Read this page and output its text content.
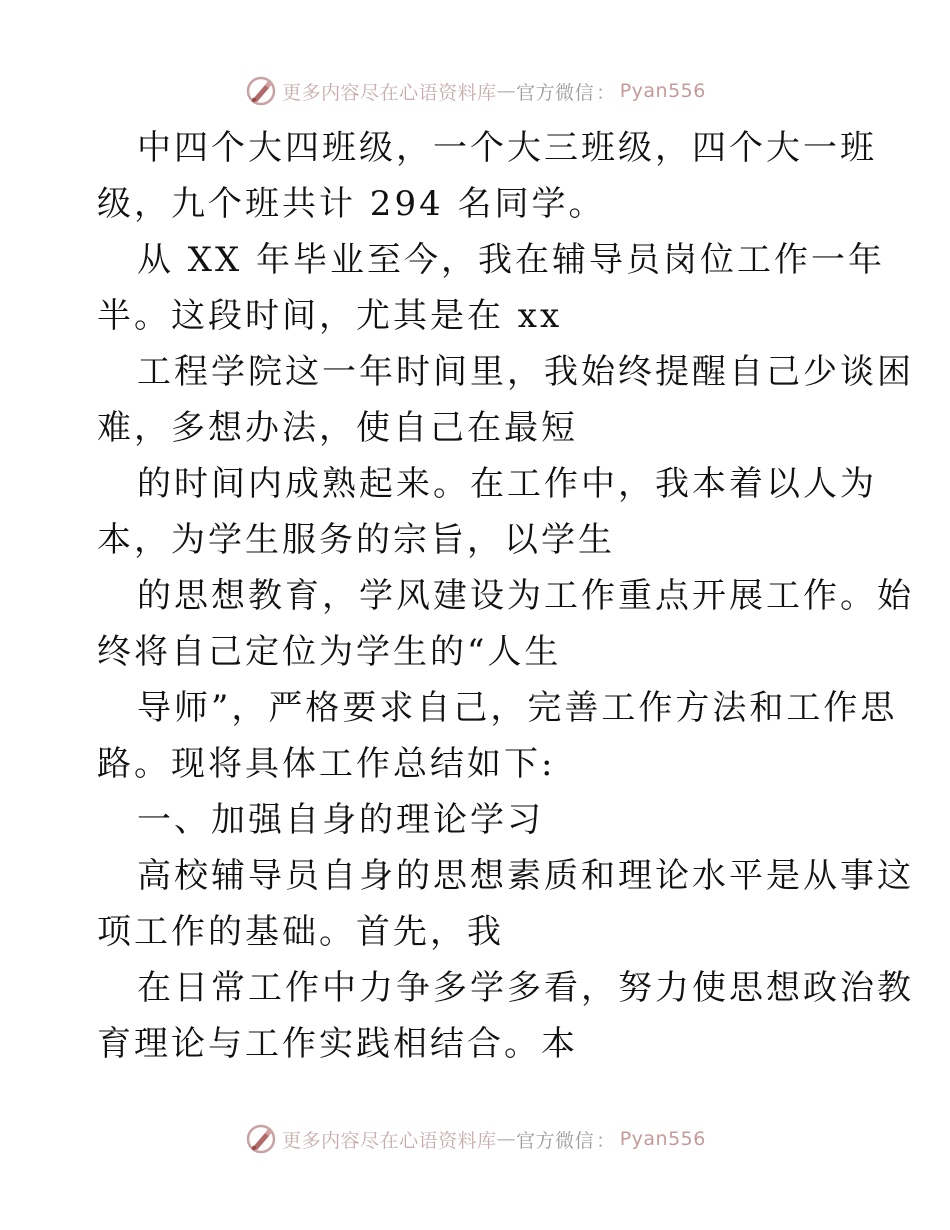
更多内容尽在心语资料库 — 官方微信 ： Pyan556
中四个大四班级，一个大三班级，四个大一班
级，九个班共计 294 名同学。
从 XX 年毕业至今，我在辅导员岗位工作一年
半。这段时间，尤其是在 xx
工程学院这一年时间里，我始终提醒自己少谈困
难，多想办法，使自己在最短
的时间内成熟起来。在工作中，我本着以人为
本，为学生服务的宗旨，以学生
的思想教育，学风建设为工作重点开展工作。始
终将自己定位为学生的“人生
导师”，严格要求自己，完善工作方法和工作思
路。现将具体工作总结如下:
一、加强自身的理论学习
高校辅导员自身的思想素质和理论水平是从事这
项工作的基础。首先，我
在日常工作中力争多学多看，努力使思想政治教
育理论与工作实践相结合。本
更多内容尽在心语资料库 — 官方微信 ： Pyan556
